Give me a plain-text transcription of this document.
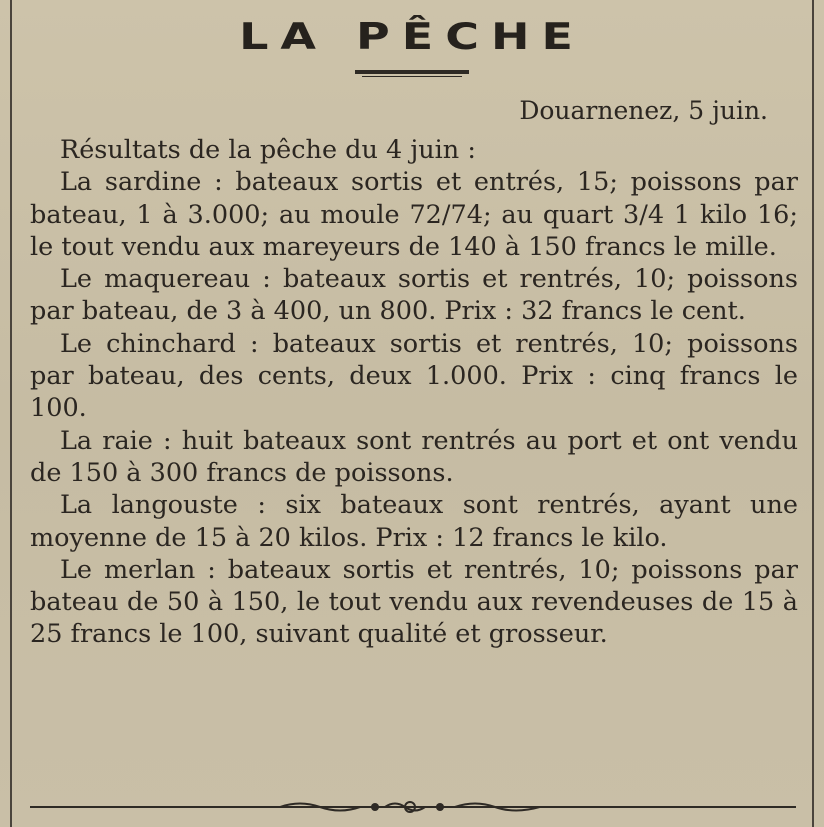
LA PÊCHE
Douarnenez, 5 juin.

Résultats de la pêche du 4 juin :

La sardine : bateaux sortis et entrés, 15; poissons par bateau, 1 à 3.000; au moule 72/74; au quart 3/4 1 kilo 16; le tout vendu aux mareyeurs de 140 à 150 francs le mille.

Le maquereau : bateaux sortis et rentrés, 10; poissons par bateau, de 3 à 400, un 800. Prix : 32 francs le cent.

Le chinchard : bateaux sortis et rentrés, 10; poissons par bateau, des cents, deux 1.000. Prix : cinq francs le 100.

La raie : huit bateaux sont rentrés au port et ont vendu de 150 à 300 francs de poissons.

La langouste : six bateaux sont rentrés, ayant une moyenne de 15 à 20 kilos. Prix : 12 francs le kilo.

Le merlan : bateaux sortis et rentrés, 10; poissons par bateau de 50 à 150, le tout vendu aux revendeuses de 15 à 25 francs le 100, suivant qualité et grosseur.
